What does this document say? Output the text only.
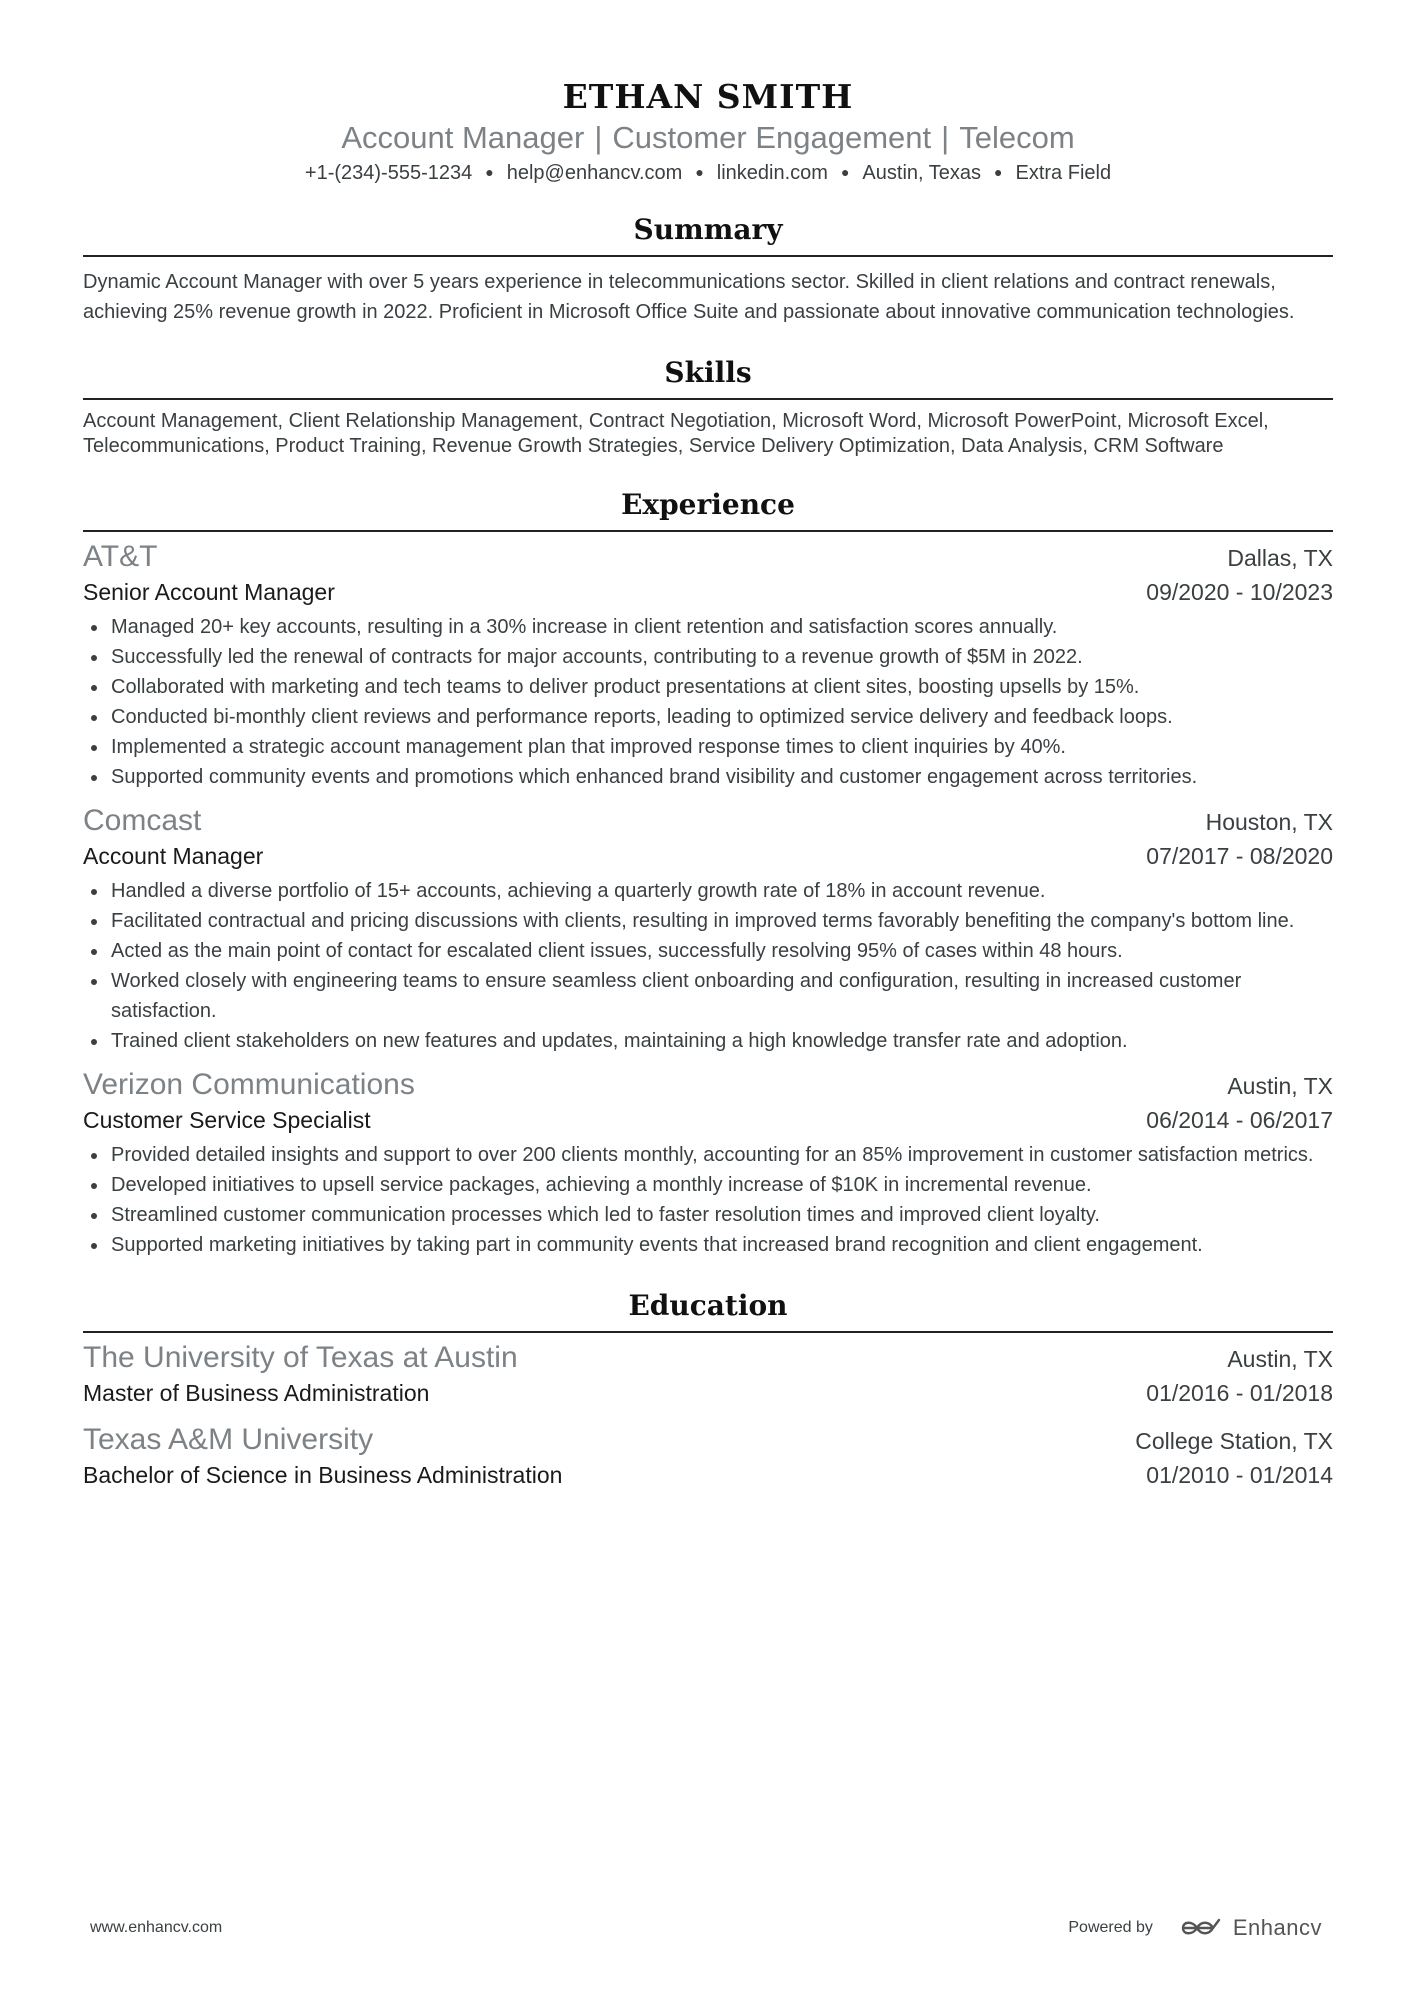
ETHAN SMITH
Account Manager | Customer Engagement | Telecom
+1-(234)-555-1234 ● help@enhancv.com ● linkedin.com ● Austin, Texas ● Extra Field
Summary
Dynamic Account Manager with over 5 years experience in telecommunications sector. Skilled in client relations and contract renewals, achieving 25% revenue growth in 2022. Proficient in Microsoft Office Suite and passionate about innovative communication technologies.
Skills
Account Management, Client Relationship Management, Contract Negotiation, Microsoft Word, Microsoft PowerPoint, Microsoft Excel, Telecommunications, Product Training, Revenue Growth Strategies, Service Delivery Optimization, Data Analysis, CRM Software
Experience
AT&T	Dallas, TX
Senior Account Manager	09/2020 - 10/2023
Managed 20+ key accounts, resulting in a 30% increase in client retention and satisfaction scores annually.
Successfully led the renewal of contracts for major accounts, contributing to a revenue growth of $5M in 2022.
Collaborated with marketing and tech teams to deliver product presentations at client sites, boosting upsells by 15%.
Conducted bi-monthly client reviews and performance reports, leading to optimized service delivery and feedback loops.
Implemented a strategic account management plan that improved response times to client inquiries by 40%.
Supported community events and promotions which enhanced brand visibility and customer engagement across territories.
Comcast	Houston, TX
Account Manager	07/2017 - 08/2020
Handled a diverse portfolio of 15+ accounts, achieving a quarterly growth rate of 18% in account revenue.
Facilitated contractual and pricing discussions with clients, resulting in improved terms favorably benefiting the company's bottom line.
Acted as the main point of contact for escalated client issues, successfully resolving 95% of cases within 48 hours.
Worked closely with engineering teams to ensure seamless client onboarding and configuration, resulting in increased customer satisfaction.
Trained client stakeholders on new features and updates, maintaining a high knowledge transfer rate and adoption.
Verizon Communications	Austin, TX
Customer Service Specialist	06/2014 - 06/2017
Provided detailed insights and support to over 200 clients monthly, accounting for an 85% improvement in customer satisfaction metrics.
Developed initiatives to upsell service packages, achieving a monthly increase of $10K in incremental revenue.
Streamlined customer communication processes which led to faster resolution times and improved client loyalty.
Supported marketing initiatives by taking part in community events that increased brand recognition and client engagement.
Education
The University of Texas at Austin	Austin, TX
Master of Business Administration	01/2016 - 01/2018
Texas A&M University	College Station, TX
Bachelor of Science in Business Administration	01/2010 - 01/2014
www.enhancv.com	Powered by	Enhancv
